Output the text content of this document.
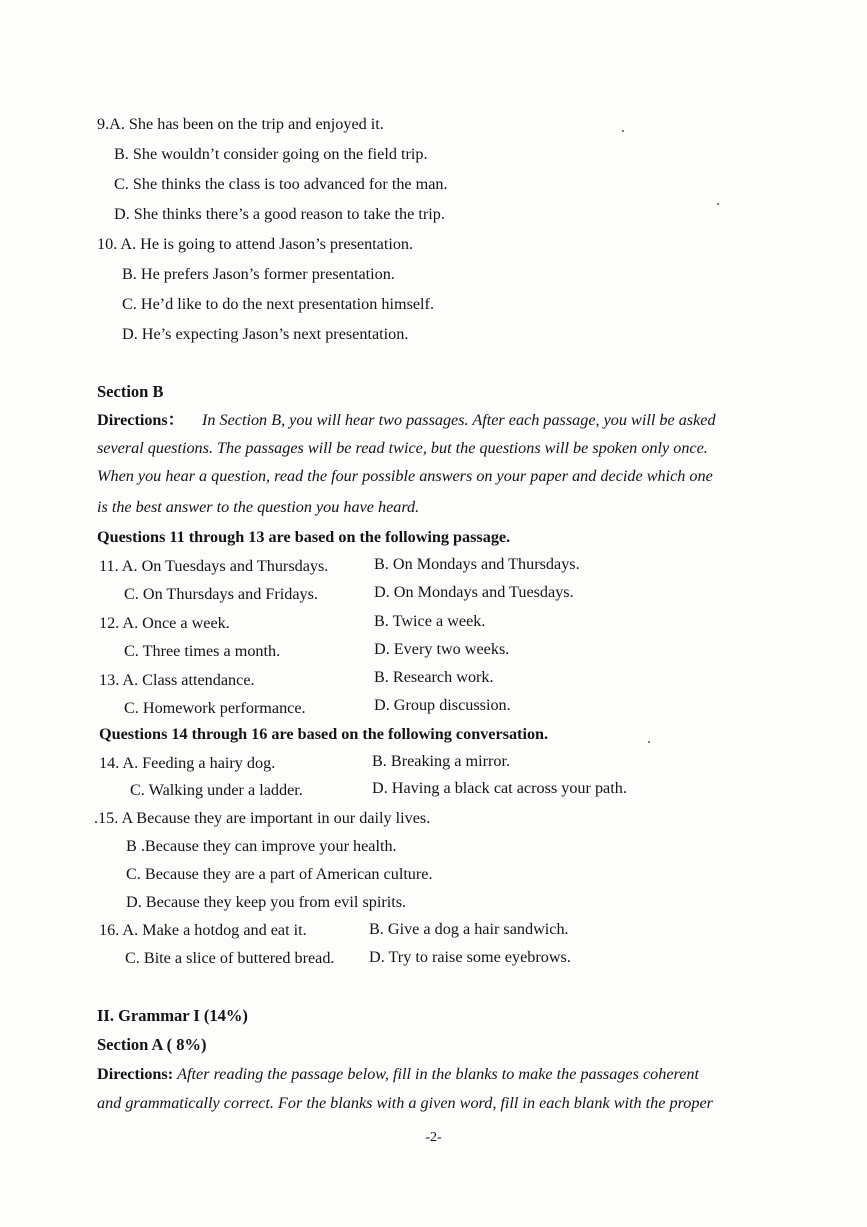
9.A. She has been on the trip and enjoyed it.
B. She wouldn’t consider going on the field trip.
C. She thinks the class is too advanced for the man.
D. She thinks there’s a good reason to take the trip.
10. A. He is going to attend Jason’s presentation.
B. He prefers Jason’s former presentation.
C. He’d like to do the next presentation himself.
D. He’s expecting Jason’s next presentation.
Section B
Directions： In Section B, you will hear two passages. After each passage, you will be asked
several questions. The passages will be read twice, but the questions will be spoken only once.
When you hear a question, read the four possible answers on your paper and decide which one
is the best answer to the question you have heard.
Questions 11 through 13 are based on the following passage.
11. A. On Tuesdays and Thursdays.	B. On Mondays and Thursdays.
C. On Thursdays and Fridays.	D. On Mondays and Tuesdays.
12. A. Once a week.	B. Twice a week.
C. Three times a month.	D. Every two weeks.
13. A. Class attendance.	B. Research work.
C. Homework performance.	D. Group discussion.
Questions 14 through 16 are based on the following conversation.
14. A. Feeding a hairy dog.	B. Breaking a mirror.
C. Walking under a ladder.	D. Having a black cat across your path.
.15. A Because they are important in our daily lives.
B .Because they can improve your health.
C. Because they are a part of American culture.
D. Because they keep you from evil spirits.
16. A. Make a hotdog and eat it.	B. Give a dog a hair sandwich.
C. Bite a slice of buttered bread. D. Try to raise some eyebrows.
II. Grammar I (14%)
Section A ( 8%)
Directions: After reading the passage below, fill in the blanks to make the passages coherent
and grammatically correct. For the blanks with a given word, fill in each blank with the proper
-2-
